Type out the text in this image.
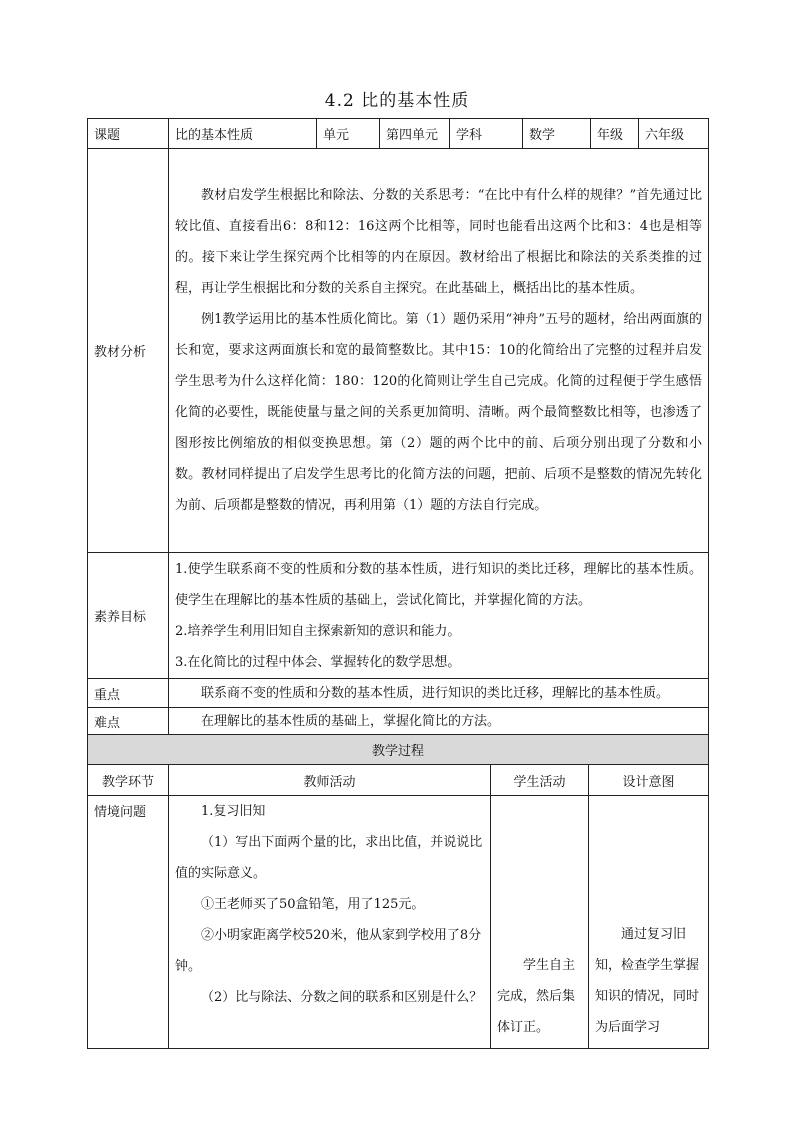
4.2 比的基本性质
课题	比的基本性质	单元	第四单元	学科	数学	年级	六年级
教材分析	教材启发学生根据比和除法、分数的关系思考：“在比中有什么样的规律？”首先通过比较比值、直接看出6：8和12：16这两个比相等，同时也能看出这两个比和3：4也是相等的。接下来让学生探究两个比相等的内在原因。教材给出了根据比和除法的关系类推的过程，再让学生根据比和分数的关系自主探究。在此基础上，概括出比的基本性质。

例1教学运用比的基本性质化简比。第（1）题仍采用“神舟”五号的题材，给出两面旗的长和宽，要求这两面旗长和宽的最简整数比。其中15：10的化简给出了完整的过程并启发学生思考为什么这样化简：180：120的化简则让学生自己完成。化简的过程便于学生感悟化简的必要性，既能使量与量之间的关系更加简明、清晰。两个最简整数比相等，也渗透了图形按比例缩放的相似变换思想。第（2）题的两个比中的前、后项分别出现了分数和小数。教材同样提出了启发学生思考比的化简方法的问题，把前、后项不是整数的情况先转化为前、后项都是整数的情况，再利用第（1）题的方法自行完成。						

素养目标	1.使学生联系商不变的性质和分数的基本性质，进行知识的类比迁移，理解比的基本性质。使学生在理解比的基本性质的基础上，尝试化简比，并掌握化简的方法。

2.培养学生利用旧知自主探索新知的意识和能力。

3.在化简比的过程中体会、掌握转化的数学思想。						

重点	联系商不变的性质和分数的基本性质，进行知识的类比迁移，理解比的基本性质。						

难点	在理解比的基本性质的基础上，掌握化简比的方法。						

教学过程			
教学环节	教师活动	学生活动	设计意图
情境问题	1.复习旧知

（1）写出下面两个量的比，求出比值，并说说比值的实际意义。

①王老师买了50盒铅笔，用了125元。

②小明家距离学校520米，他从家到学校用了8分钟。

（2）比与除法、分数之间的联系和区别是什么？	学生自主完成，然后集体订正。	通过复习旧知，检查学生掌握知识的情况，同时为后面学习
